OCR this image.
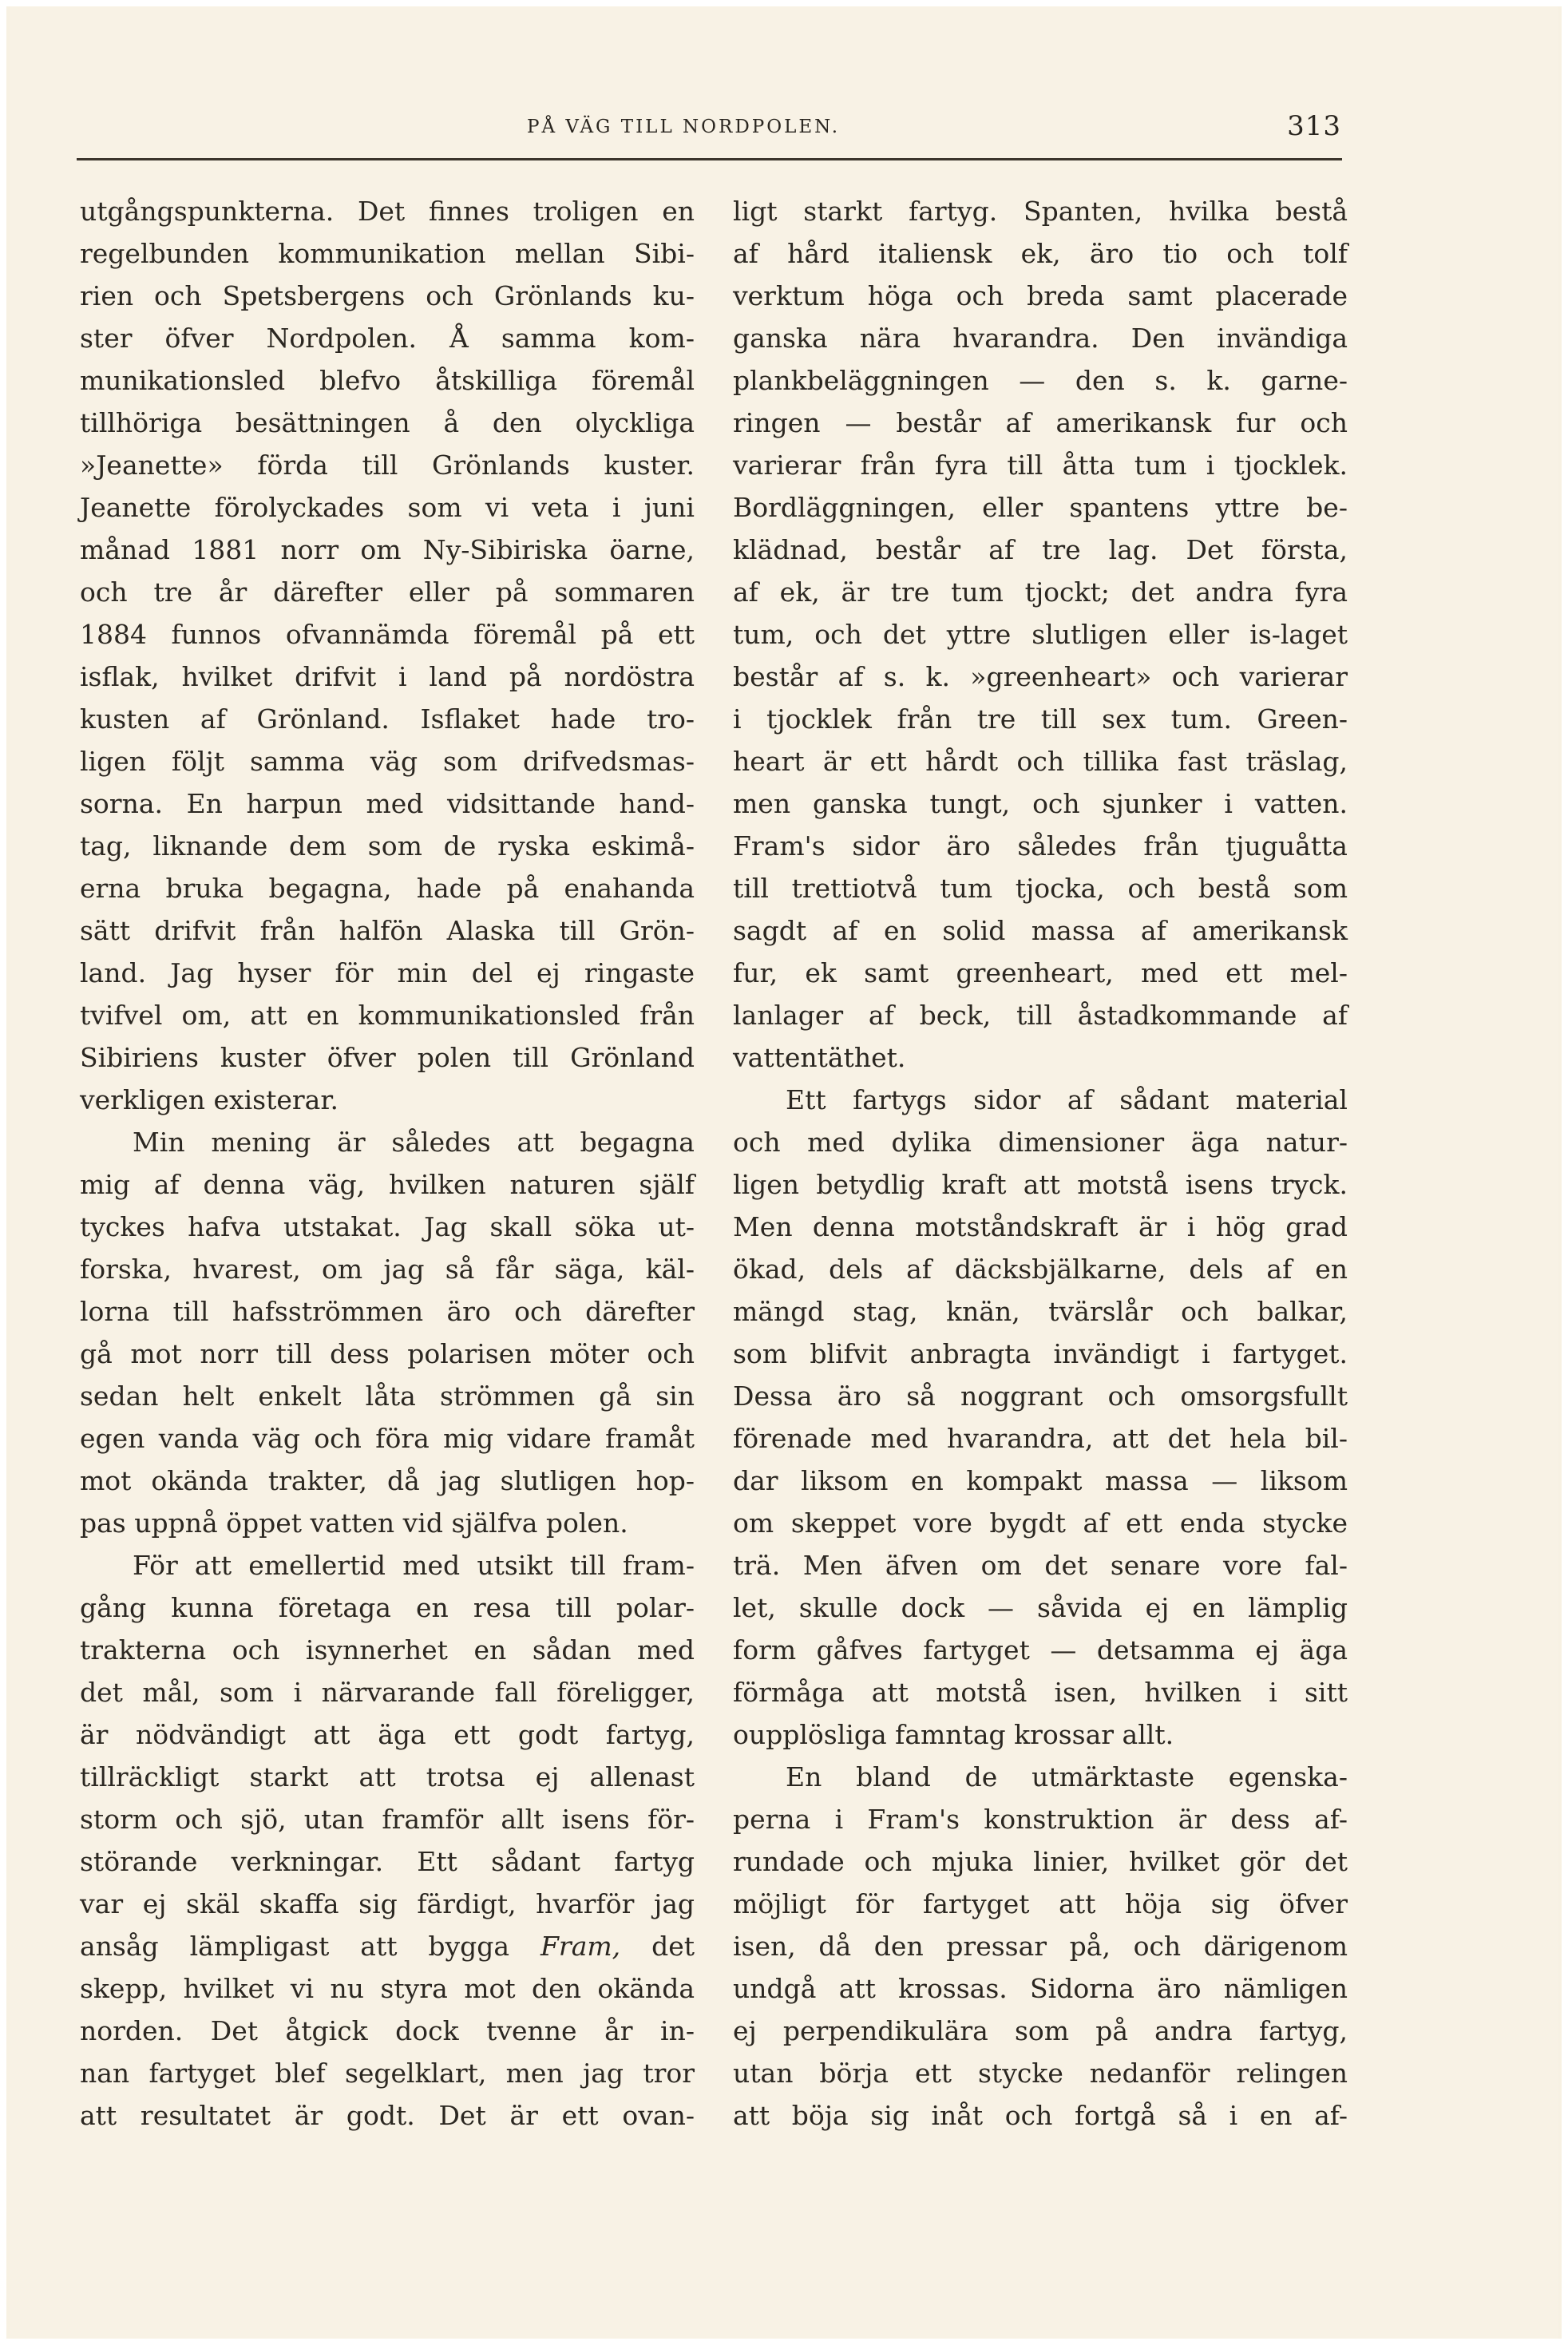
PÅ VÄG TILL NORDPOLEN.	313
utgångspunkterna. Det finnes troligen en
regelbunden kommunikation mellan Sibi-
rien och Spetsbergens och Grönlands ku-
ster öfver Nordpolen. Å samma kom-
munikationsled blefvo åtskilliga föremål
tillhöriga besättningen å den olyckliga
»Jeanette» förda till Grönlands kuster.
Jeanette förolyckades som vi veta i juni
månad 1881 norr om Ny-Sibiriska öarne,
och tre år därefter eller på sommaren
1884 funnos ofvannämda föremål på ett
isflak, hvilket drifvit i land på nordöstra
kusten af Grönland. Isflaket hade tro-
ligen följt samma väg som drifvedsmas-
sorna. En harpun med vidsittande hand-
tag, liknande dem som de ryska eskimå-
erna bruka begagna, hade på enahanda
sätt drifvit från halfön Alaska till Grön-
land. Jag hyser för min del ej ringaste
tvifvel om, att en kommunikationsled från
Sibiriens kuster öfver polen till Grönland
verkligen existerar.
Min mening är således att begagna
mig af denna väg, hvilken naturen själf
tyckes hafva utstakat. Jag skall söka ut-
forska, hvarest, om jag så får säga, käl-
lorna till hafsströmmen äro och därefter
gå mot norr till dess polarisen möter och
sedan helt enkelt låta strömmen gå sin
egen vanda väg och föra mig vidare framåt
mot okända trakter, då jag slutligen hop-
pas uppnå öppet vatten vid själfva polen.
För att emellertid med utsikt till fram-
gång kunna företaga en resa till polar-
trakterna och isynnerhet en sådan med
det mål, som i närvarande fall föreligger,
är nödvändigt att äga ett godt fartyg,
tillräckligt starkt att trotsa ej allenast
storm och sjö, utan framför allt isens för-
störande verkningar. Ett sådant fartyg
var ej skäl skaffa sig färdigt, hvarför jag
ansåg lämpligast att bygga Fram, det
skepp, hvilket vi nu styra mot den okända
norden. Det åtgick dock tvenne år in-
nan fartyget blef segelklart, men jag tror
att resultatet är godt. Det är ett ovan-
ligt starkt fartyg. Spanten, hvilka bestå
af hård italiensk ek, äro tio och tolf
verktum höga och breda samt placerade
ganska nära hvarandra. Den invändiga
plankbeläggningen — den s. k. garne-
ringen — består af amerikansk fur och
varierar från fyra till åtta tum i tjocklek.
Bordläggningen, eller spantens yttre be-
klädnad, består af tre lag. Det första,
af ek, är tre tum tjockt; det andra fyra
tum, och det yttre slutligen eller is-laget
består af s. k. »greenheart» och varierar
i tjocklek från tre till sex tum. Green-
heart är ett hårdt och tillika fast träslag,
men ganska tungt, och sjunker i vatten.
Fram's sidor äro således från tjuguåtta
till trettiotvå tum tjocka, och bestå som
sagdt af en solid massa af amerikansk
fur, ek samt greenheart, med ett mel-
lanlager af beck, till åstadkommande af
vattentäthet.
Ett fartygs sidor af sådant material
och med dylika dimensioner äga natur-
ligen betydlig kraft att motstå isens tryck.
Men denna motståndskraft är i hög grad
ökad, dels af däcksbjälkarne, dels af en
mängd stag, knän, tvärslår och balkar,
som blifvit anbragta invändigt i fartyget.
Dessa äro så noggrant och omsorgsfullt
förenade med hvarandra, att det hela bil-
dar liksom en kompakt massa — liksom
om skeppet vore bygdt af ett enda stycke
trä. Men äfven om det senare vore fal-
let, skulle dock — såvida ej en lämplig
form gåfves fartyget — detsamma ej äga
förmåga att motstå isen, hvilken i sitt
oupplösliga famntag krossar allt.
En bland de utmärktaste egenska-
perna i Fram's konstruktion är dess af-
rundade och mjuka linier, hvilket gör det
möjligt för fartyget att höja sig öfver
isen, då den pressar på, och därigenom
undgå att krossas. Sidorna äro nämligen
ej perpendikulära som på andra fartyg,
utan börja ett stycke nedanför relingen
att böja sig inåt och fortgå så i en af-
